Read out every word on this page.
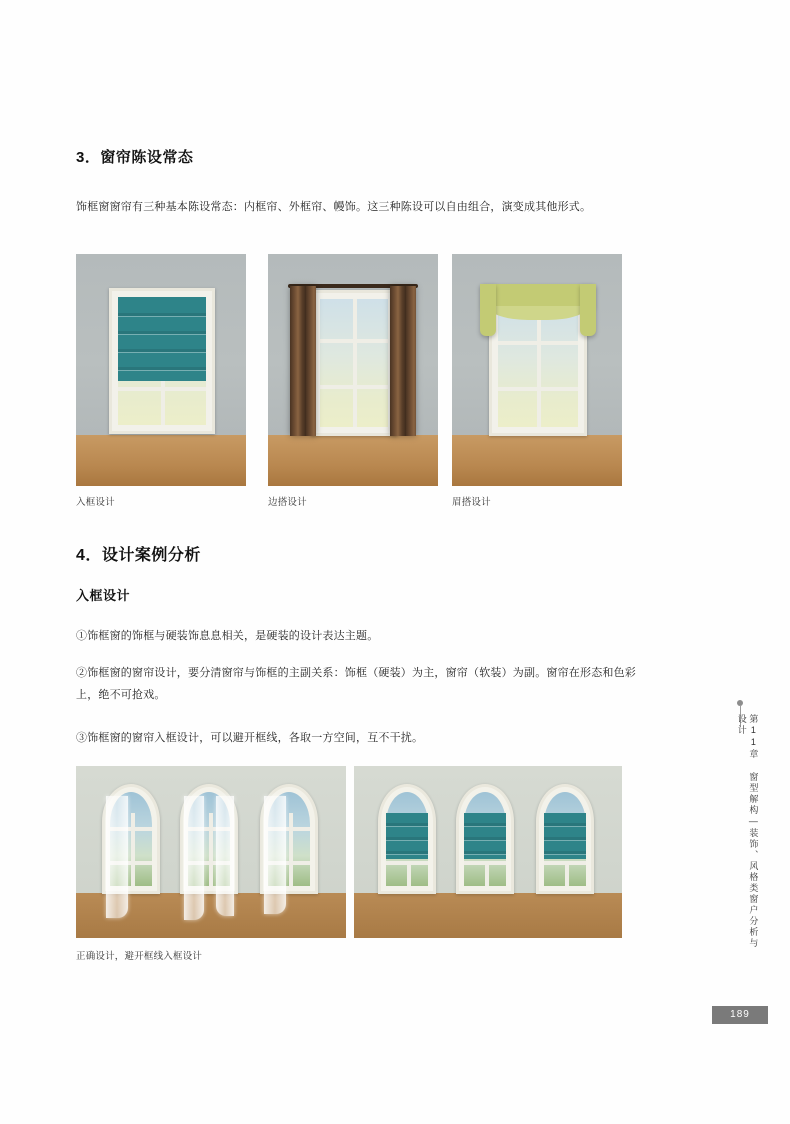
3．窗帘陈设常态
饰框窗窗帘有三种基本陈设常态：内框帘、外框帘、幔饰。这三种陈设可以自由组合，演变成其他形式。
入框设计	边搭设计	眉搭设计
4．设计案例分析
入框设计
①饰框窗的饰框与硬装饰息息相关，是硬装的设计表达主题。
②饰框窗的窗帘设计，要分清窗帘与饰框的主副关系：饰框（硬装）为主，窗帘（软装）为副。窗帘在形态和色彩上，绝不可抢戏。
③饰框窗的窗帘入框设计，可以避开框线，各取一方空间，互不干扰。
正确设计，避开框线入框设计
第11章 窗型解构—装饰、风格类窗户分析与设计
189
